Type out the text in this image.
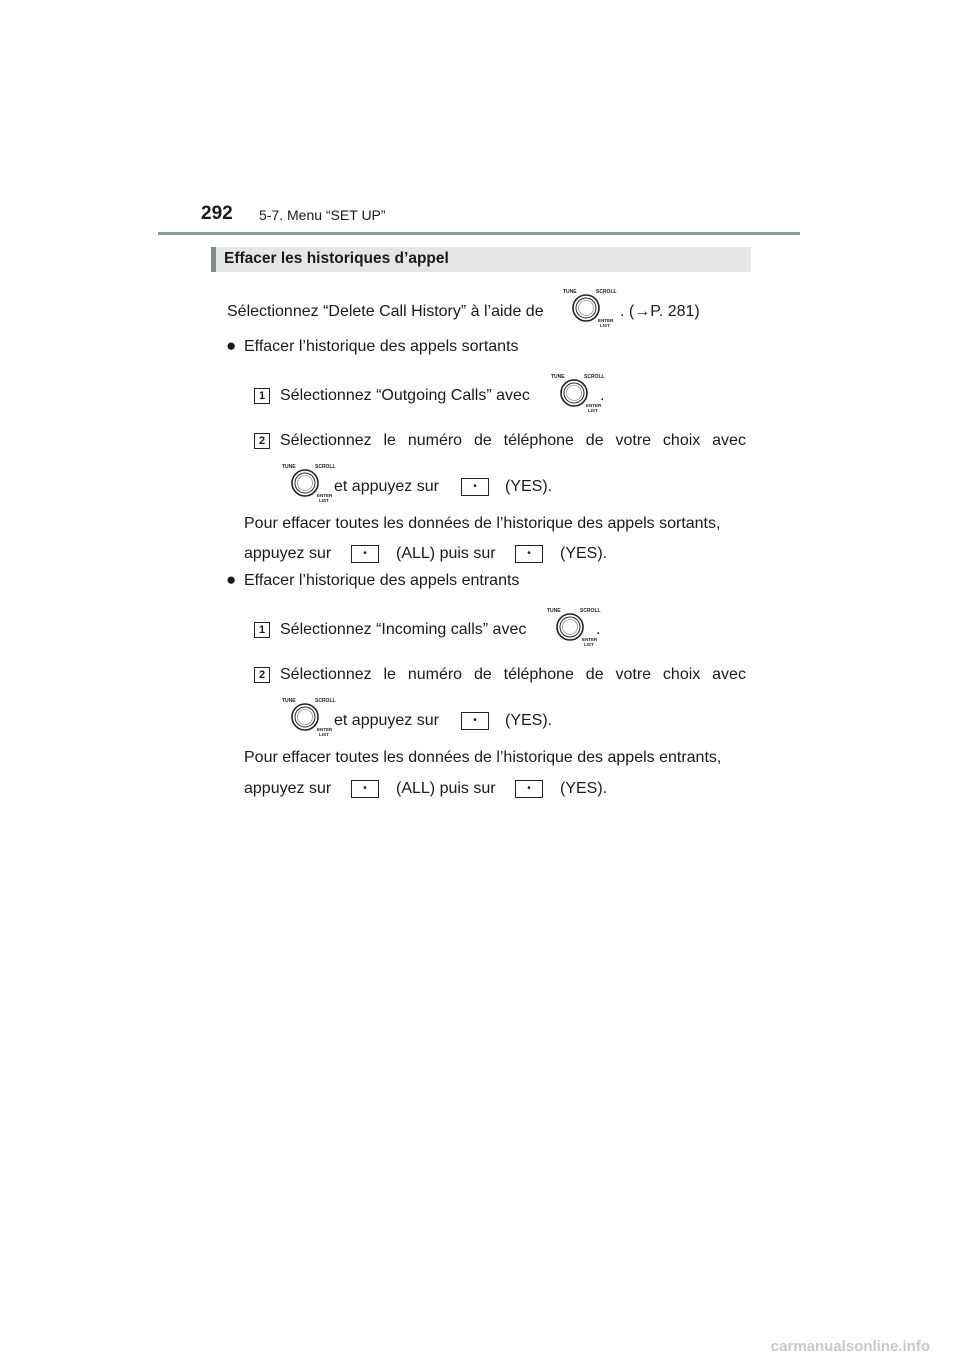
292 5-7. Menu “SET UP”
Effacer les historiques d’appel
Sélectionnez “Delete Call History” à l’aide de	. (→P. 281)
● Effacer l’historique des appels sortants
1 Sélectionnez “Outgoing Calls” avec	.
2 Sélectionnez le numéro de téléphone de votre choix avec
et appuyez sur	• (YES).
Pour effacer toutes les données de l’historique des appels sortants,
appuyez sur	• (ALL) puis sur	• (YES).
● Effacer l’historique des appels entrants
1 Sélectionnez “Incoming calls” avec	.
2 Sélectionnez le numéro de téléphone de votre choix avec
et appuyez sur	• (YES).
Pour effacer toutes les données de l’historique des appels entrants,
appuyez sur	• (ALL) puis sur	• (YES).
carmanualsonline.info
